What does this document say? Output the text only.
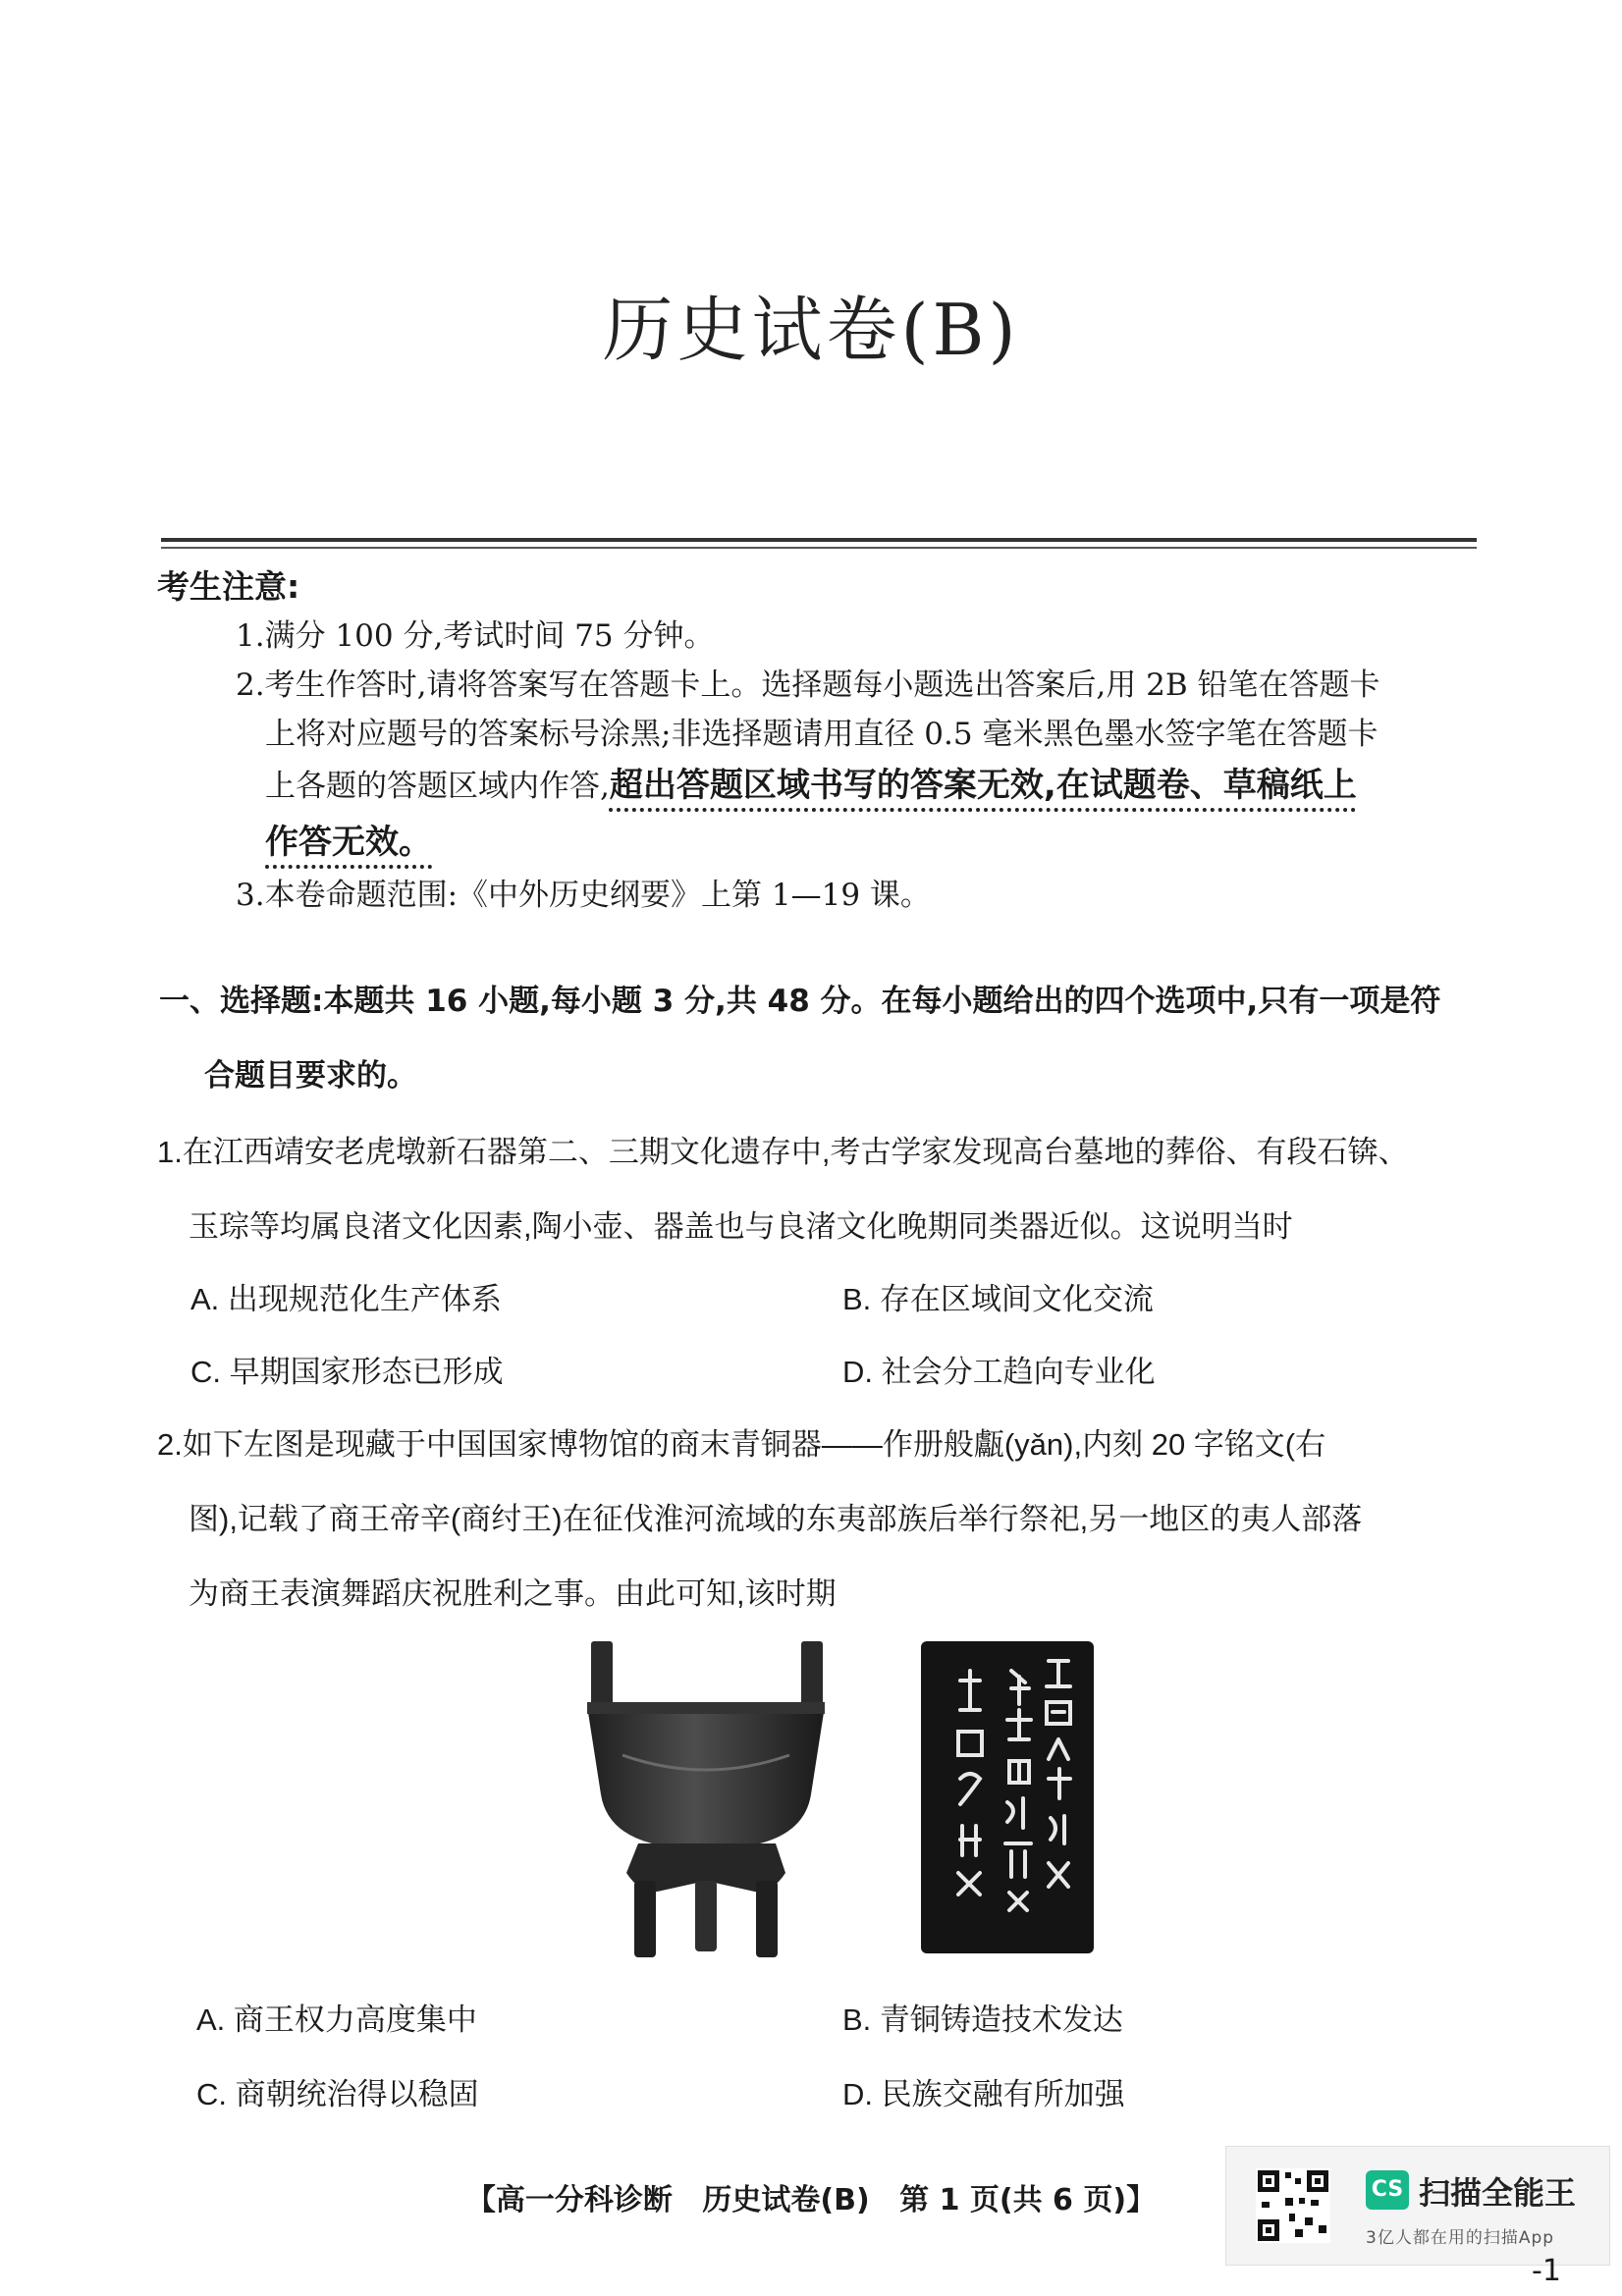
历史试卷(B)
考生注意:
1.满分 100 分,考试时间 75 分钟。
2.考生作答时,请将答案写在答题卡上。选择题每小题选出答案后,用 2B 铅笔在答题卡
上将对应题号的答案标号涂黑;非选择题请用直径 0.5 毫米黑色墨水签字笔在答题卡
上各题的答题区域内作答,超出答题区域书写的答案无效,在试题卷、草稿纸上
作答无效。
3.本卷命题范围:《中外历史纲要》上第 1—19 课。
一、选择题:本题共 16 小题,每小题 3 分,共 48 分。在每小题给出的四个选项中,只有一项是符
合题目要求的。
1.在江西靖安老虎墩新石器第二、三期文化遗存中,考古学家发现高台墓地的葬俗、有段石锛、
玉琮等均属良渚文化因素,陶小壶、器盖也与良渚文化晚期同类器近似。这说明当时
A. 出现规范化生产体系	B. 存在区域间文化交流
C. 早期国家形态已形成	D. 社会分工趋向专业化
2.如下左图是现藏于中国国家博物馆的商末青铜器——作册般甗(yǎn),内刻 20 字铭文(右
图),记载了商王帝辛(商纣王)在征伐淮河流域的东夷部族后举行祭祀,另一地区的夷人部落
为商王表演舞蹈庆祝胜利之事。由此可知,该时期
A. 商王权力高度集中	B. 青铜铸造技术发达
C. 商朝统治得以稳固	D. 民族交融有所加强
【高一分科诊断 历史试卷(B) 第 1 页(共 6 页)】	CS 扫描全能王
3亿人都在用的扫描App
-1
